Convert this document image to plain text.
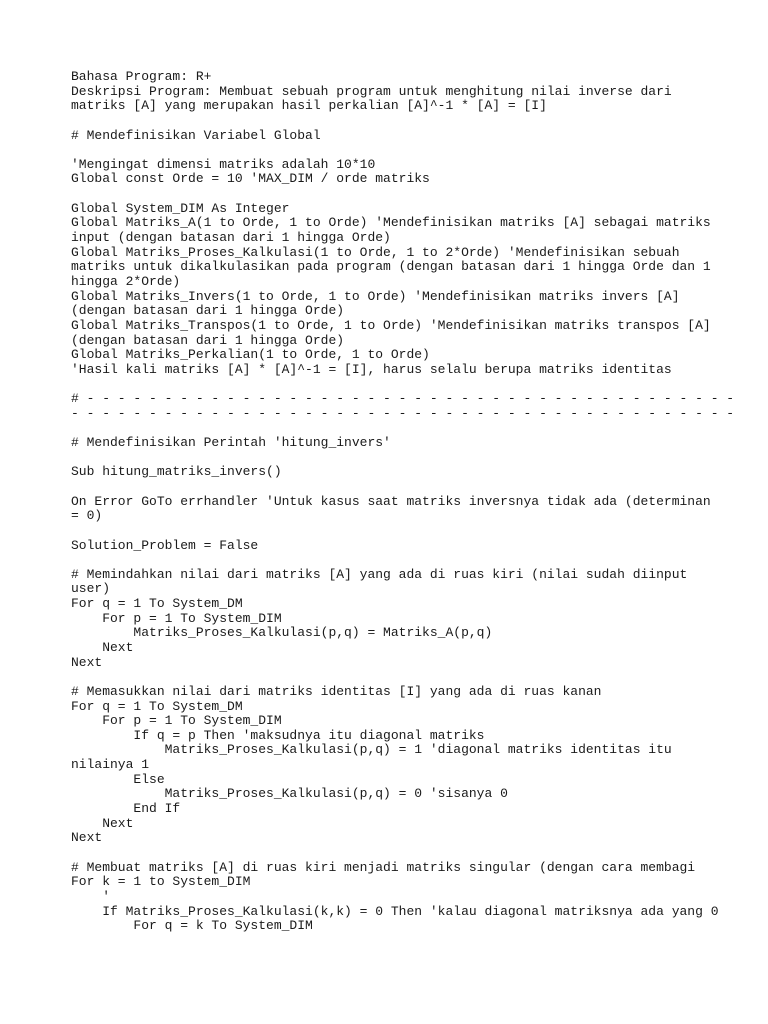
Bahasa Program: R+
Deskripsi Program: Membuat sebuah program untuk menghitung nilai inverse dari
matriks [A] yang merupakan hasil perkalian [A]^-1 * [A] = [I]
# Mendefinisikan Variabel Global
'Mengingat dimensi matriks adalah 10*10
Global const Orde = 10 'MAX_DIM / orde matriks
Global System_DIM As Integer
Global Matriks_A(1 to Orde, 1 to Orde) 'Mendefinisikan matriks [A] sebagai matriks
input (dengan batasan dari 1 hingga Orde)
Global Matriks_Proses_Kalkulasi(1 to Orde, 1 to 2*Orde) 'Mendefinisikan sebuah
matriks untuk dikalkulasikan pada program (dengan batasan dari 1 hingga Orde dan 1
hingga 2*Orde)
Global Matriks_Invers(1 to Orde, 1 to Orde) 'Mendefinisikan matriks invers [A]
(dengan batasan dari 1 hingga Orde)
Global Matriks_Transpos(1 to Orde, 1 to Orde) 'Mendefinisikan matriks transpos [A]
(dengan batasan dari 1 hingga Orde)
Global Matriks_Perkalian(1 to Orde, 1 to Orde)
'Hasil kali matriks [A] * [A]^-1 = [I], harus selalu berupa matriks identitas
# - - - - - - - - - - - - - - - - - - - - - - - - - - - - - - - - - - - - - - - - - -
- - - - - - - - - - - - - - - - - - - - - - - - - - - - - - - - - - - - - - - - - - -
# Mendefinisikan Perintah 'hitung_invers'
Sub hitung_matriks_invers()
On Error GoTo errhandler 'Untuk kasus saat matriks inversnya tidak ada (determinan
= 0)
Solution_Problem = False
# Memindahkan nilai dari matriks [A] yang ada di ruas kiri (nilai sudah diinput
user)
For q = 1 To System_DM
For p = 1 To System_DIM
Matriks_Proses_Kalkulasi(p,q) = Matriks_A(p,q)
Next
Next
# Memasukkan nilai dari matriks identitas [I] yang ada di ruas kanan
For q = 1 To System_DM
For p = 1 To System_DIM
If q = p Then 'maksudnya itu diagonal matriks
Matriks_Proses_Kalkulasi(p,q) = 1 'diagonal matriks identitas itu
nilainya 1
Else
Matriks_Proses_Kalkulasi(p,q) = 0 'sisanya 0
End If
Next
Next
# Membuat matriks [A] di ruas kiri menjadi matriks singular (dengan cara membagi
For k = 1 to System_DIM
'
If Matriks_Proses_Kalkulasi(k,k) = 0 Then 'kalau diagonal matriksnya ada yang 0
For q = k To System_DIM
